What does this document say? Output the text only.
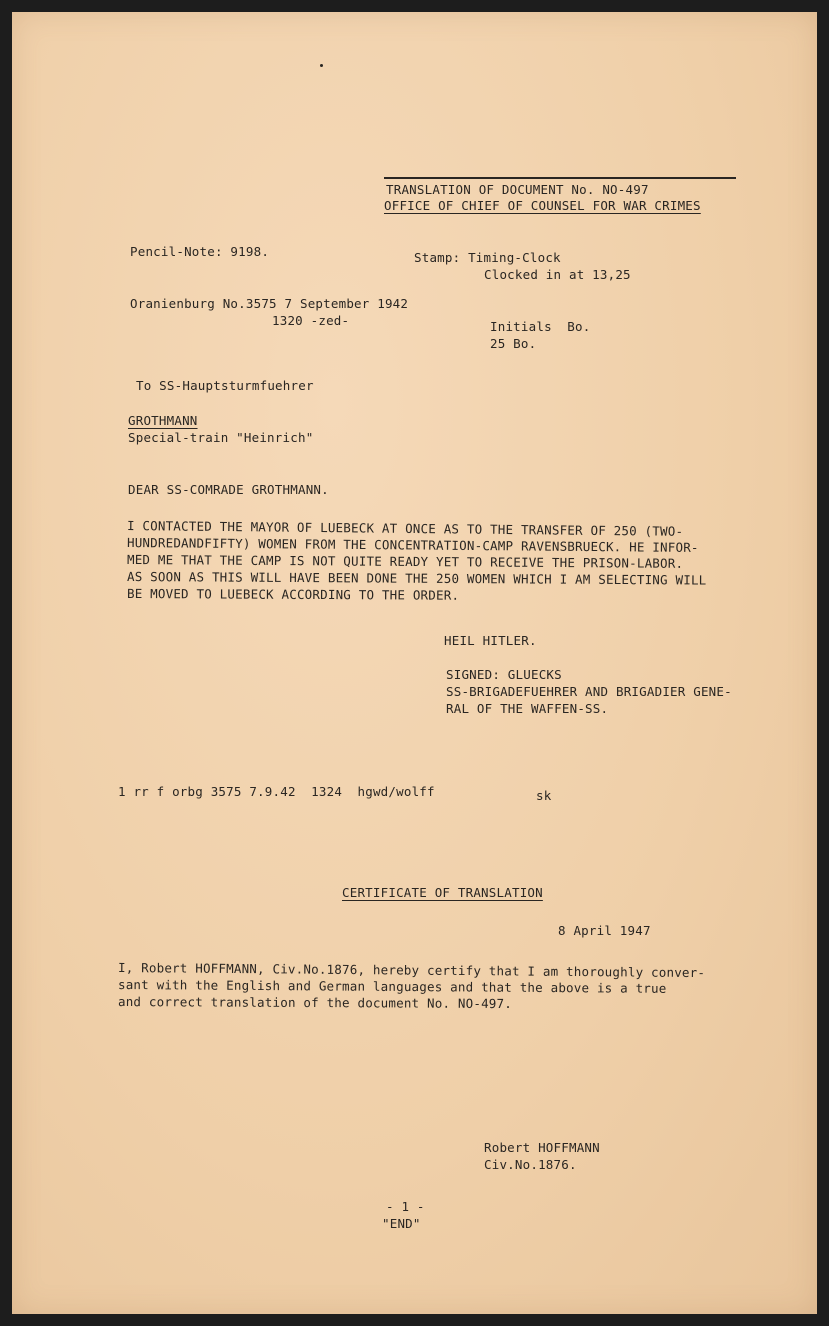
TRANSLATION OF DOCUMENT No. NO-497
OFFICE OF CHIEF OF COUNSEL FOR WAR CRIMES
Pencil-Note: 9198.	Stamp: Timing-Clock
Clocked in at 13,25
Oranienburg No.3575 7 September 1942
1320 -zed-	Initials  Bo.
25 Bo.
To SS-Hauptsturmfuehrer
GROTHMANN
Special-train "Heinrich"
DEAR SS-COMRADE GROTHMANN.
I CONTACTED THE MAYOR OF LUEBECK AT ONCE AS TO THE TRANSFER OF 250 (TWO-
HUNDREDANDFIFTY) WOMEN FROM THE CONCENTRATION-CAMP RAVENSBRUECK. HE INFOR-
MED ME THAT THE CAMP IS NOT QUITE READY YET TO RECEIVE THE PRISON-LABOR.
AS SOON AS THIS WILL HAVE BEEN DONE THE 250 WOMEN WHICH I AM SELECTING WILL
BE MOVED TO LUEBECK ACCORDING TO THE ORDER.
HEIL HITLER.
SIGNED: GLUECKS
SS-BRIGADEFUEHRER AND BRIGADIER GENE-
RAL OF THE WAFFEN-SS.
1 rr f orbg 3575 7.9.42  1324  hgwd/wolff	sk
CERTIFICATE OF TRANSLATION
8 April 1947
I, Robert HOFFMANN, Civ.No.1876, hereby certify that I am thoroughly conver-
sant with the English and German languages and that the above is a true
and correct translation of the document No. NO-497.
Robert HOFFMANN
Civ.No.1876.
- 1 -
"END"
